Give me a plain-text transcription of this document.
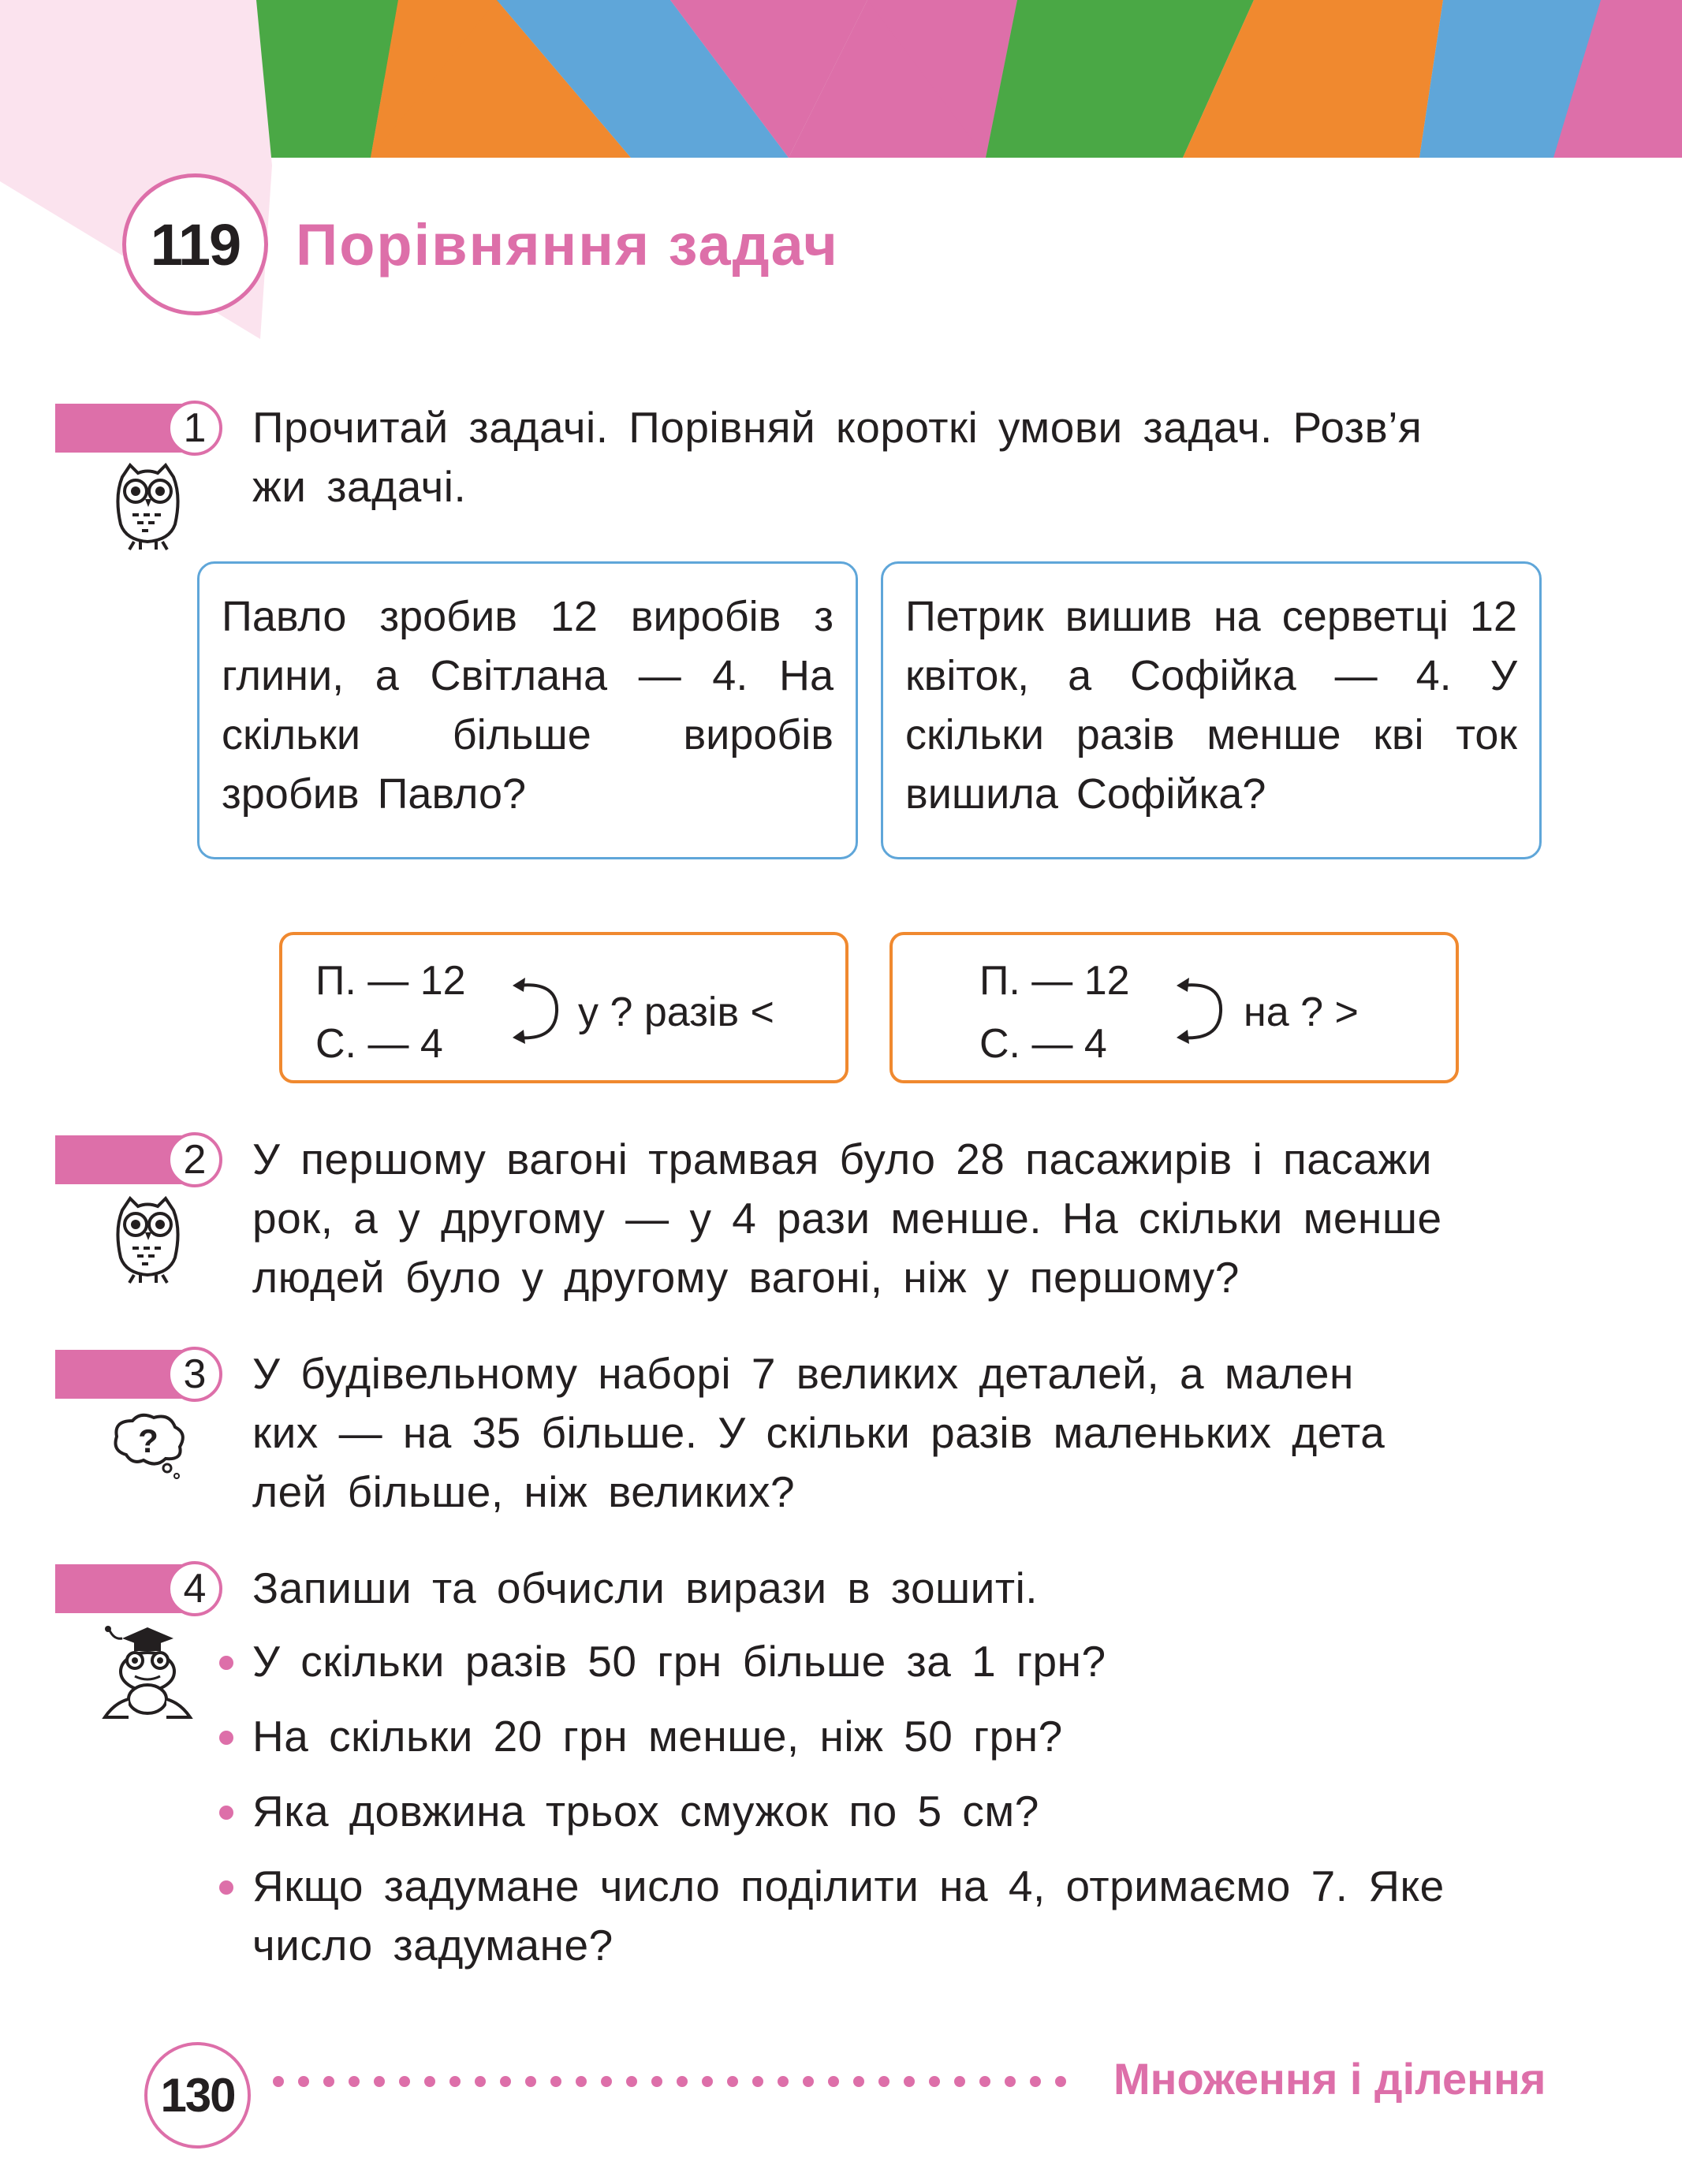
119 Порівняння задач
1	Прочитай задачі. Порівняй короткі умови задач. Розв’я
жи задачі.
Павло зробив 12 виробів з глини, а Світлана — 4. На скільки більше виробів зробив Павло?
Петрик вишив на серветці 12 квіток, а Софійка — 4. У скільки разів менше кві ток вишила Софійка?
П. — 12
С. — 4
у ? разів <
П. — 12
С. — 4
на ? >
2	У першому вагоні трамвая було 28 пасажирів і пасажи
рок, а у другому — у 4 рази менше. На скільки менше
людей було у другому вагоні, ніж у першому?
3
?
У будівельному наборі 7 великих деталей, а мален
ких — на 35 більше. У скільки разів маленьких дета
лей більше, ніж великих?
4	Запиши та обчисли вирази в зошиті.
У скільки разів 50 грн більше за 1 грн?
На скільки 20 грн менше, ніж 50 грн?
Яка довжина трьох смужок по 5 см?
Якщо задумане число поділити на 4, отримаємо 7. Яке
число задумане?
130	Множення і ділення
